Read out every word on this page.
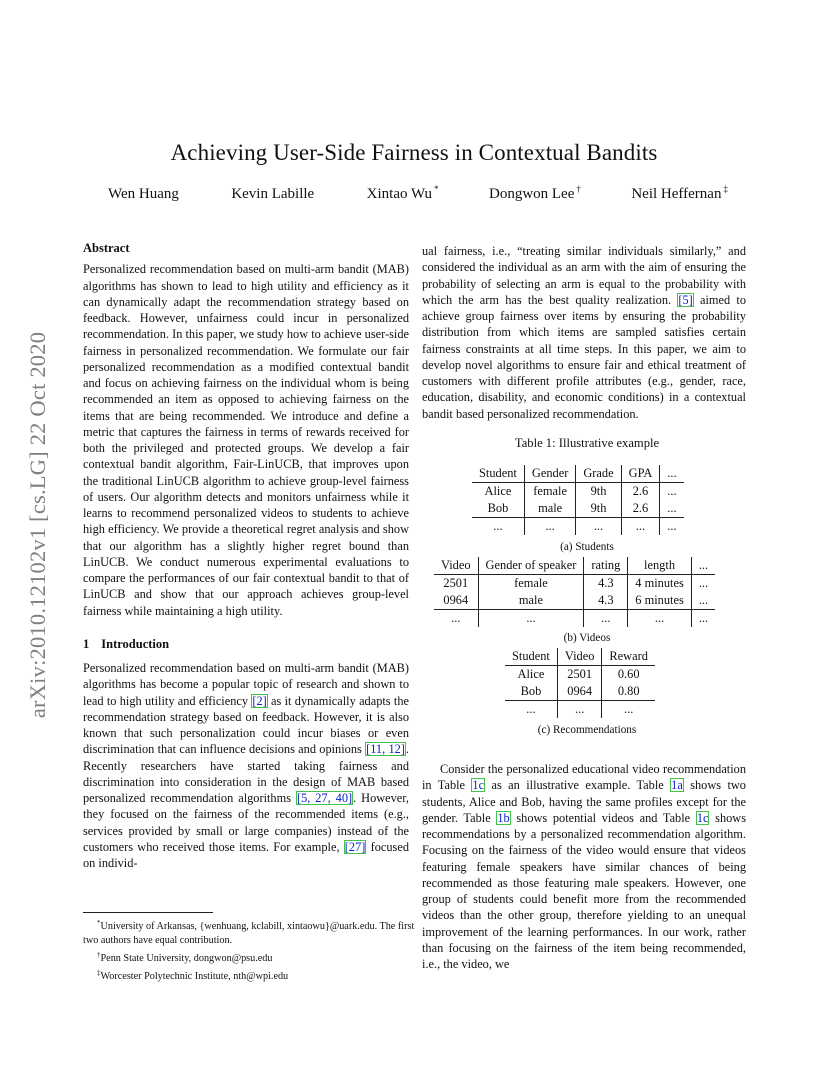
arXiv:2010.12102v1 [cs.LG] 22 Oct 2020
Achieving User-Side Fairness in Contextual Bandits
Wen Huang	Kevin Labille	Xintao Wu *	Dongwon Lee †	Neil Heffernan ‡

Abstract

Personalized recommendation based on multi-arm bandit (MAB) algorithms has shown to lead to high utility and efficiency as it can dynamically adapt the recommendation strategy based on feedback. However, unfairness could incur in personalized recommendation. In this paper, we study how to achieve user-side fairness in personalized recommendation. We formulate our fair personalized recommendation as a modified contextual bandit and focus on achieving fairness on the individual whom is being recommended an item as opposed to achieving fairness on the items that are being recommended. We introduce and define a metric that captures the fairness in terms of rewards received for both the privileged and protected groups. We develop a fair contextual bandit algorithm, Fair-LinUCB, that improves upon the traditional LinUCB algorithm to achieve group-level fairness of users. Our algorithm detects and monitors unfairness while it learns to recommend personalized videos to students to achieve high efficiency. We provide a theoretical regret analysis and show that our algorithm has a slightly higher regret bound than LinUCB. We conduct numerous experimental evaluations to compare the performances of our fair contextual bandit to that of LinUCB and show that our approach achieves group-level fairness while maintaining a high utility.

1 Introduction

Personalized recommendation based on multi-arm bandit (MAB) algorithms has become a popular topic of research and shown to lead to high utility and efficiency [2] as it dynamically adapts the recommendation strategy based on feedback. However, it is also known that such personalization could incur biases or even discrimination that can influence decisions and opinions [11, 12]. Recently researchers have started taking fairness and discrimination into consideration in the design of MAB based personalized recommendation algorithms [5, 27, 40]. However, they focused on the fairness of the recommended items (e.g., services provided by small or large companies) instead of the customers who received those items. For example, [27] focused on individ-

*University of Arkansas, {wenhuang, kclabill, xintaowu}@uark.edu. The first two authors have equal contribution.

†Penn State University, dongwon@psu.edu

‡Worcester Polytechnic Institute, nth@wpi.edu

ual fairness, i.e., “treating similar individuals similarly,” and considered the individual as an arm with the aim of ensuring the probability of selecting an arm is equal to the probability with which the arm has the best quality realization. [5] aimed to achieve group fairness over items by ensuring the probability distribution from which items are sampled satisfies certain fairness constraints at all time steps. In this paper, we aim to develop novel algorithms to ensure fair and ethical treatment of customers with different profile attributes (e.g., gender, race, education, disability, and economic conditions) in a contextual bandit based personalized recommendation.

Table 1: Illustrative example
Student	Gender	Grade	GPA	...
Alice	female	9th	2.6	...
Bob	male	9th	2.6	...
...	...	...	...	...
(a) Students
Video	Gender of speaker	rating	length	...
2501	female	4.3	4 minutes	...
0964	male	4.3	6 minutes	...
...	...	...	...	...
(b) Videos
Student	Video	Reward
Alice	2501	0.60
Bob	0964	0.80
...	...	...
(c) Recommendations

Consider the personalized educational video recommendation in Table 1c as an illustrative example. Table 1a shows two students, Alice and Bob, having the same profiles except for the gender. Table 1b shows potential videos and Table 1c shows recommendations by a personalized recommendation algorithm. Focusing on the fairness of the video would ensure that videos featuring female speakers have similar chances of being recommended as those featuring male speakers. However, one group of students could benefit more from the recommended videos than the other group, therefore yielding to an unequal improvement of the learning performances. In our work, rather than focusing on the fairness of the item being recommended, i.e., the video, we
